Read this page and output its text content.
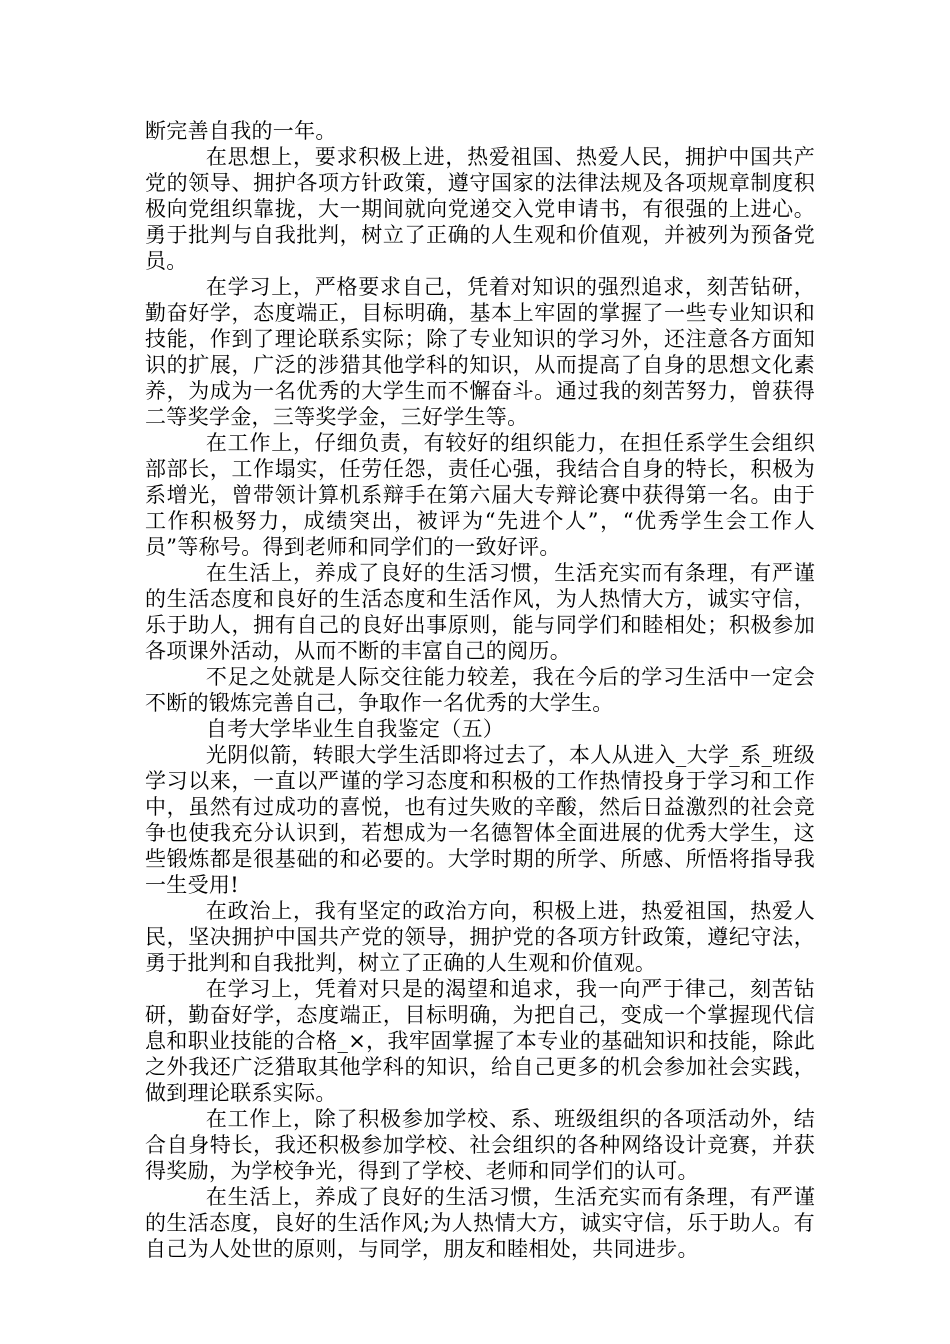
断完善自我的一年。

在思想上，要求积极上进，热爱祖国、热爱人民，拥护中国共产党的领导、拥护各项方针政策，遵守国家的法律法规及各项规章制度积极向党组织靠拢，大一期间就向党递交入党申请书，有很强的上进心。勇于批判与自我批判，树立了正确的人生观和价值观，并被列为预备党员。

在学习上，严格要求自己，凭着对知识的强烈追求，刻苦钻研，勤奋好学，态度端正，目标明确，基本上牢固的掌握了一些专业知识和技能，作到了理论联系实际；除了专业知识的学习外，还注意各方面知识的扩展，广泛的涉猎其他学科的知识，从而提高了自身的思想文化素养，为成为一名优秀的大学生而不懈奋斗。通过我的刻苦努力，曾获得二等奖学金，三等奖学金，三好学生等。

在工作上，仔细负责，有较好的组织能力，在担任系学生会组织部部长，工作塌实，任劳任怨，责任心强，我结合自身的特长，积极为系增光，曾带领计算机系辩手在第六届大专辩论赛中获得第一名。由于工作积极努力，成绩突出，被评为“先进个人”，“优秀学生会工作人员”等称号。得到老师和同学们的一致好评。

在生活上，养成了良好的生活习惯，生活充实而有条理，有严谨的生活态度和良好的生活态度和生活作风，为人热情大方，诚实守信，乐于助人，拥有自己的良好出事原则，能与同学们和睦相处；积极参加各项课外活动，从而不断的丰富自己的阅历。

不足之处就是人际交往能力较差，我在今后的学习生活中一定会不断的锻炼完善自己，争取作一名优秀的大学生。

自考大学毕业生自我鉴定（五）

光阴似箭，转眼大学生活即将过去了，本人从进入_大学_系_班级学习以来，一直以严谨的学习态度和积极的工作热情投身于学习和工作中，虽然有过成功的喜悦，也有过失败的辛酸，然后日益激烈的社会竞争也使我充分认识到，若想成为一名德智体全面进展的优秀大学生，这些锻炼都是很基础的和必要的。大学时期的所学、所感、所悟将指导我一生受用!

在政治上，我有坚定的政治方向，积极上进，热爱祖国，热爱人民，坚决拥护中国共产党的领导，拥护党的各项方针政策，遵纪守法，勇于批判和自我批判，树立了正确的人生观和价值观。

在学习上，凭着对只是的渴望和追求，我一向严于律己，刻苦钻研，勤奋好学，态度端正，目标明确，为把自己，变成一个掌握现代信息和职业技能的合格_×，我牢固掌握了本专业的基础知识和技能，除此之外我还广泛猎取其他学科的知识，给自己更多的机会参加社会实践，做到理论联系实际。

在工作上，除了积极参加学校、系、班级组织的各项活动外，结合自身特长，我还积极参加学校、社会组织的各种网络设计竞赛，并获得奖励，为学校争光，得到了学校、老师和同学们的认可。

在生活上，养成了良好的生活习惯，生活充实而有条理，有严谨的生活态度，良好的生活作风;为人热情大方，诚实守信，乐于助人。有自己为人处世的原则，与同学，朋友和睦相处，共同进步。
